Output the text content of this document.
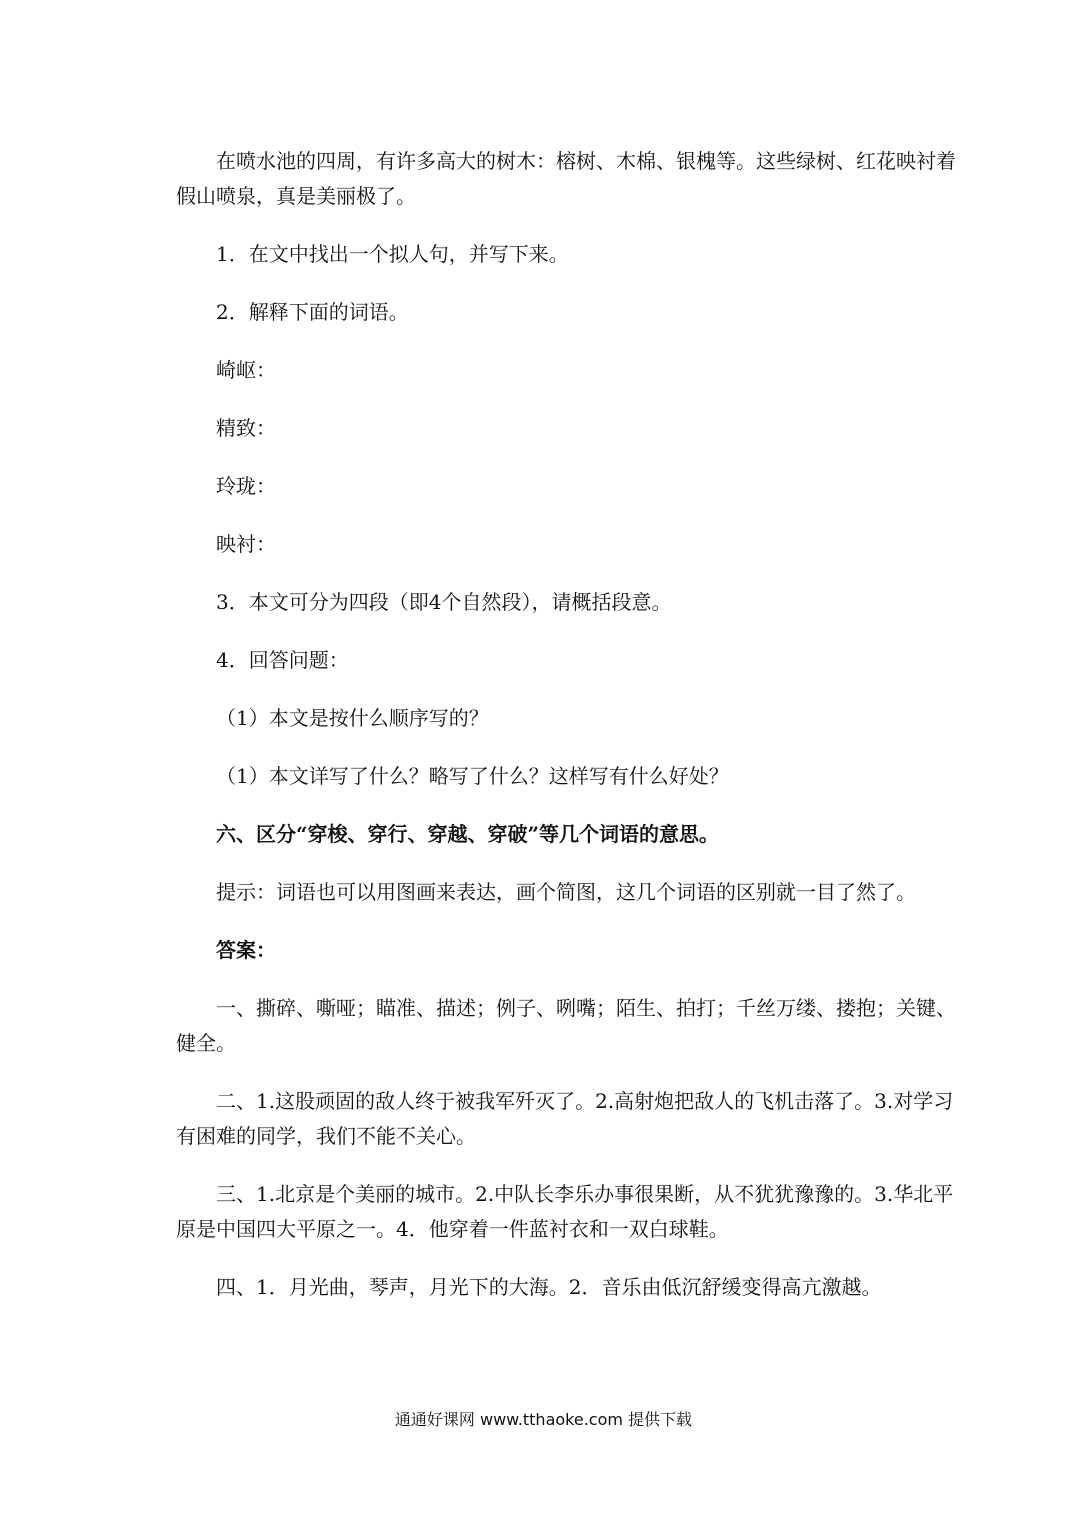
在喷水池的四周，有许多高大的树木：榕树、木棉、银槐等。这些绿树、红花映衬着假山喷泉，真是美丽极了。

1．在文中找出一个拟人句，并写下来。

2．解释下面的词语。

崎岖：

精致：

玲珑：

映衬：

3．本文可分为四段（即4个自然段），请概括段意。

4．回答问题：

（1）本文是按什么顺序写的？

（1）本文详写了什么？略写了什么？这样写有什么好处？

六、区分“穿梭、穿行、穿越、穿破”等几个词语的意思。

提示：词语也可以用图画来表达，画个简图，这几个词语的区别就一目了然了。

答案：

一、撕碎、嘶哑；瞄准、描述；例子、咧嘴；陌生、拍打；千丝万缕、搂抱；关键、健全。

二、1.这股顽固的敌人终于被我军歼灭了。2.高射炮把敌人的飞机击落了。3.对学习有困难的同学，我们不能不关心。

三、1.北京是个美丽的城市。2.中队长李乐办事很果断，从不犹犹豫豫的。3.华北平原是中国四大平原之一。4．他穿着一件蓝衬衣和一双白球鞋。

四、1．月光曲，琴声，月光下的大海。2．音乐由低沉舒缓变得高亢激越。

通通好课网 www.tthaoke.com 提供下载
